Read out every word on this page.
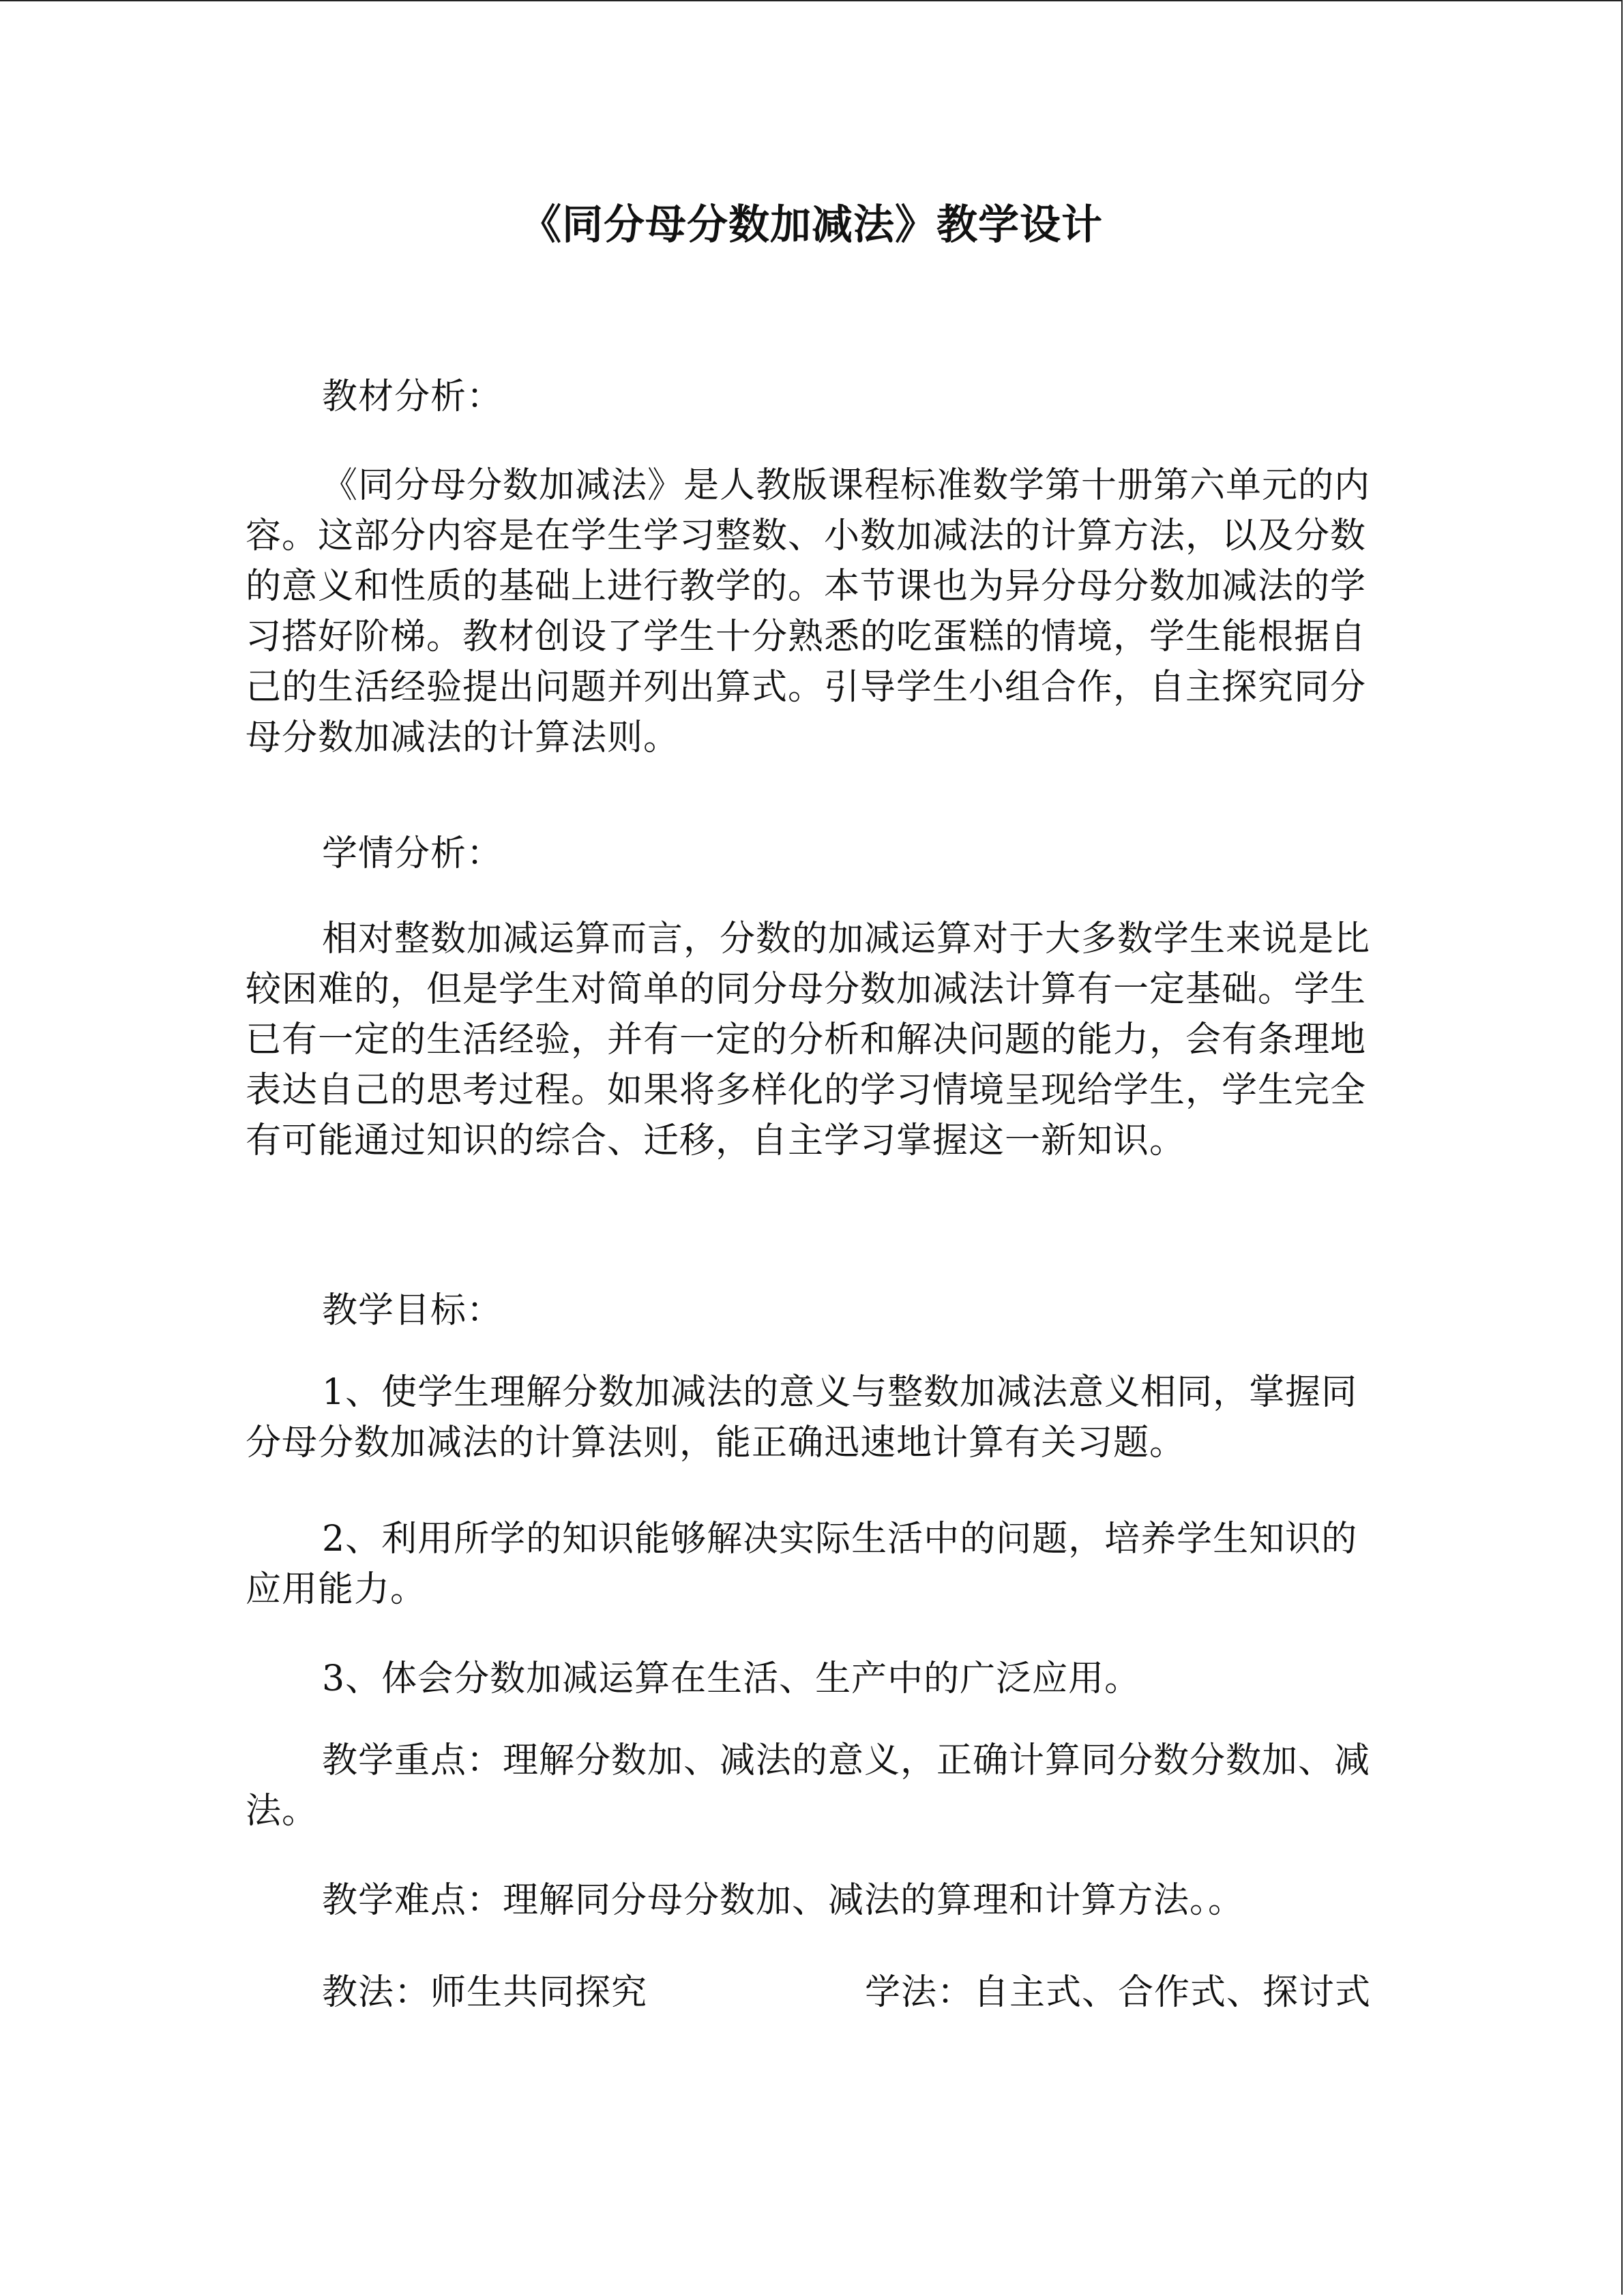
《同分母分数加减法》教学设计
教材分析：
《同分母分数加减法》是人教版课程标准数学第十册第六单元的内容。这部分内容是在学生学习整数、小数加减法的计算方法，以及分数的意义和性质的基础上进行教学的。本节课也为异分母分数加减法的学习搭好阶梯。教材创设了学生十分熟悉的吃蛋糕的情境，学生能根据自己的生活经验提出问题并列出算式。引导学生小组合作，自主探究同分母分数加减法的计算法则。
学情分析：
相对整数加减运算而言，分数的加减运算对于大多数学生来说是比较困难的，但是学生对简单的同分母分数加减法计算有一定基础。学生已有一定的生活经验，并有一定的分析和解决问题的能力，会有条理地表达自己的思考过程。如果将多样化的学习情境呈现给学生，学生完全有可能通过知识的综合、迁移，自主学习掌握这一新知识。
教学目标：
1、使学生理解分数加减法的意义与整数加减法意义相同，掌握同分母分数加减法的计算法则，能正确迅速地计算有关习题。
2、利用所学的知识能够解决实际生活中的问题，培养学生知识的应用能力。
3、体会分数加减运算在生活、生产中的广泛应用。
教学重点：理解分数加、减法的意义，正确计算同分数分数加、减法。
教学难点：理解同分母分数加、减法的算理和计算方法。。
教法：师生共同探究	学法：自主式、合作式、探讨式
